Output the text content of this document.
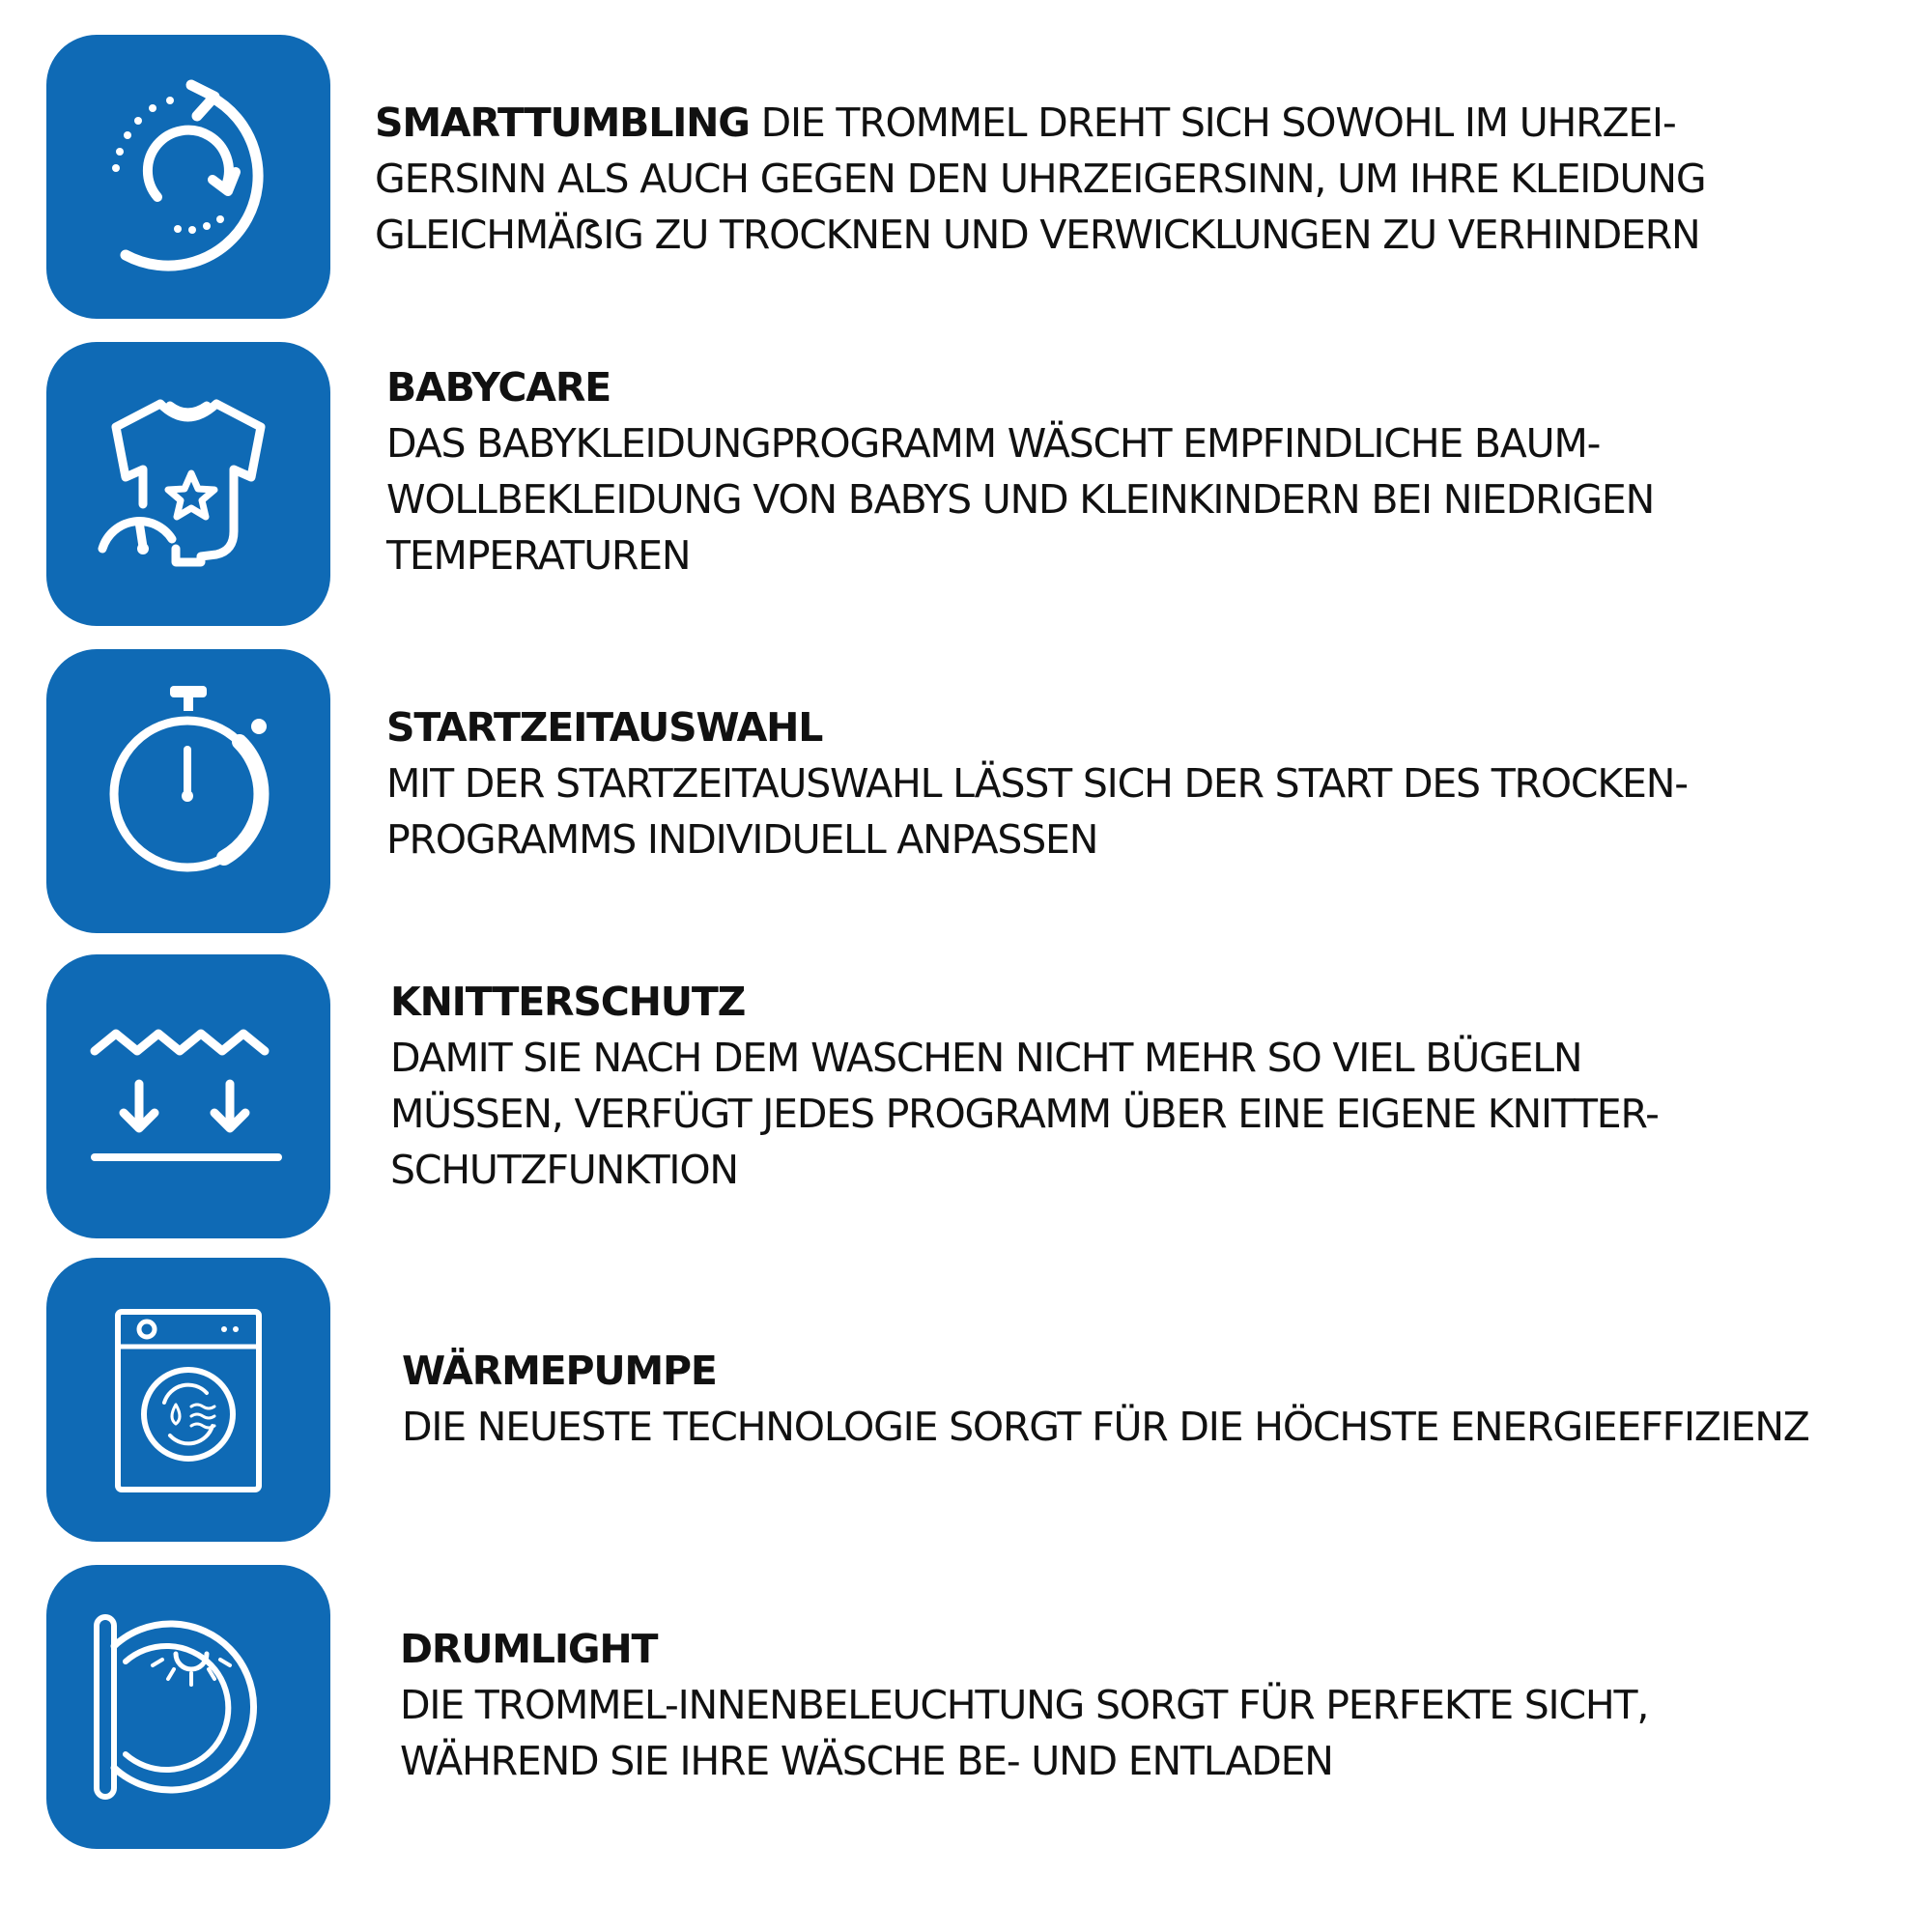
SMARTTUMBLING DIE TROMMEL DREHT SICH SOWOHL IM UHRZEI-
GERSINN ALS AUCH GEGEN DEN UHRZEIGERSINN, UM IHRE KLEIDUNG
GLEICHMÄẞIG ZU TROCKNEN UND VERWICKLUNGEN ZU VERHINDERN
BABYCARE
DAS BABYKLEIDUNGPROGRAMM WÄSCHT EMPFINDLICHE BAUM-
WOLLBEKLEIDUNG VON BABYS UND KLEINKINDERN BEI NIEDRIGEN
TEMPERATUREN
STARTZEITAUSWAHL
MIT DER STARTZEITAUSWAHL LÄSST SICH DER START DES TROCKEN-
PROGRAMMS INDIVIDUELL ANPASSEN
KNITTERSCHUTZ
DAMIT SIE NACH DEM WASCHEN NICHT MEHR SO VIEL BÜGELN
MÜSSEN, VERFÜGT JEDES PROGRAMM ÜBER EINE EIGENE KNITTER-
SCHUTZFUNKTION
WÄRMEPUMPE
DIE NEUESTE TECHNOLOGIE SORGT FÜR DIE HÖCHSTE ENERGIEEFFIZIENZ
DRUMLIGHT
DIE TROMMEL-INNENBELEUCHTUNG SORGT FÜR PERFEKTE SICHT,
WÄHREND SIE IHRE WÄSCHE BE- UND ENTLADEN
